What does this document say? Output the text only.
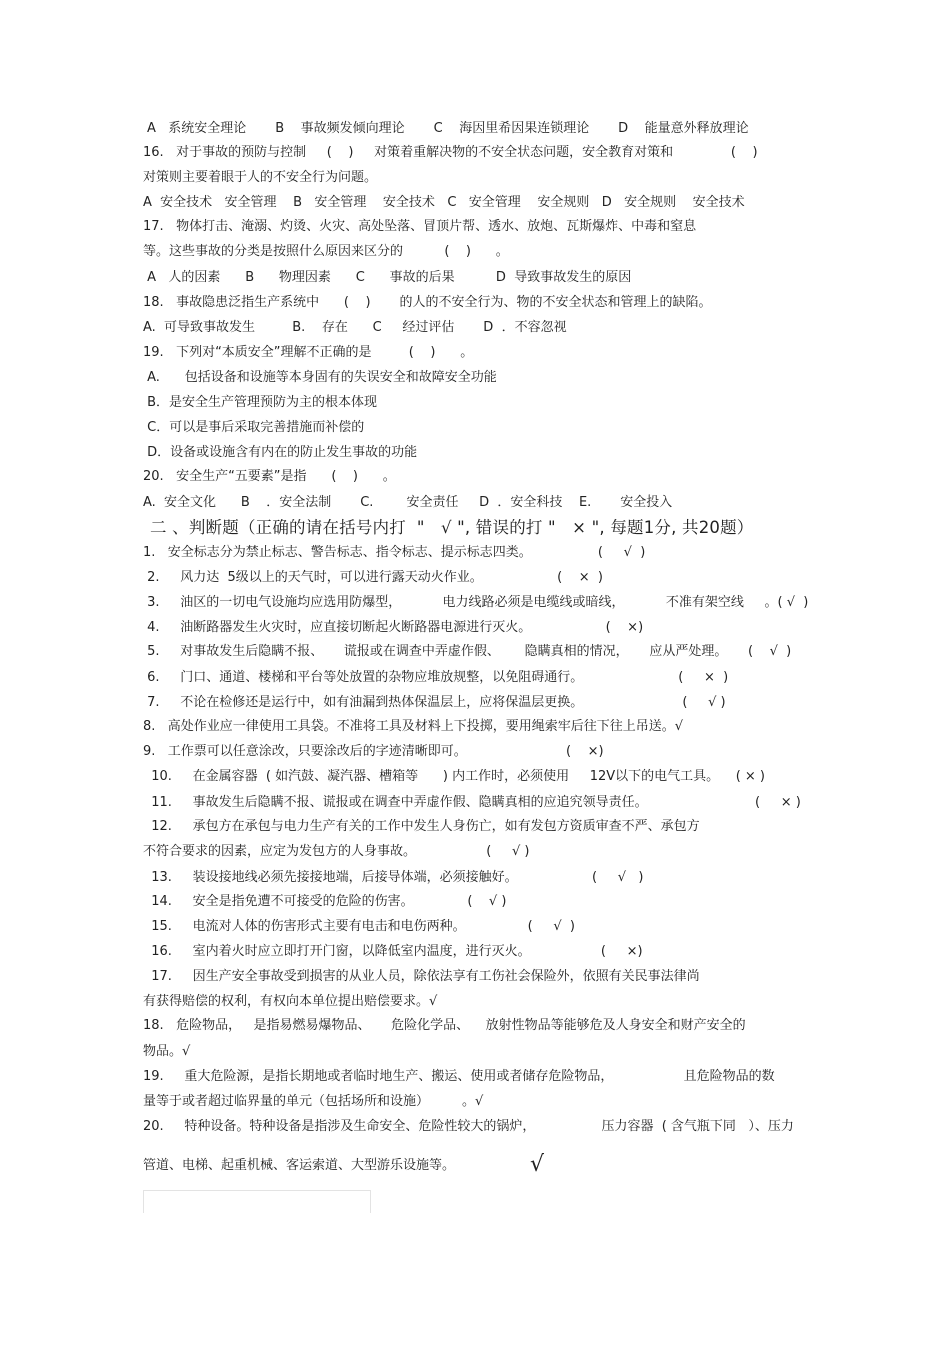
A   系统安全理论       B    事故频发倾向理论       C    海因里希因果连锁理论       D    能量意外释放理论
16.   对于事故的预防与控制     (    )     对策着重解决物的不安全状态问题，安全教育对策和              (    )
对策则主要着眼于人的不安全行为问题。
A  安全技术   安全管理    B   安全管理    安全技术   C   安全管理    安全规则   D   安全规则    安全技术
17.   物体打击、淹溺、灼烫、火灾、高处坠落、冒顶片帮、透水、放炮、瓦斯爆炸、中毒和窒息
等。这些事故的分类是按照什么原因来区分的          (    )      。
A   人的因素      B      物理因素      C      事故的后果          D  导致事故发生的原因
18.   事故隐患泛指生产系统中      (    )       的人的不安全行为、物的不安全状态和管理上的缺陷。
A.  可导致事故发生         B.    存在      C     经过评估       D  ．不容忽视
19.   下列对“本质安全”理解不正确的是         (    )      。
A.      包括设备和设施等本身固有的失误安全和故障安全功能
B．是安全生产管理预防为主的根本体现
C．可以是事后采取完善措施而补偿的
D．设备或设施含有内在的防止发生事故的功能
20.   安全生产“五要素”是指      (    )      。
A.  安全文化      B    ．安全法制       C.        安全责任     D  ．安全科技    E.       安全投入
二 、判断题（正确的请在括号内打  "   √ ", 错误的打 "   × ", 每题1分, 共20题）
1.   安全标志分为禁止标志、警告标志、指令标志、提示标志四类。                (     √  )
2.     风力达  5级以上的天气时，可以进行露天动火作业。                  (    ×  )
3.     油区的一切电气设施均应选用防爆型，          电力线路必须是电缆线或暗线，          不准有架空线     。( √  )
4.     油断路器发生火灾时，应直接切断起火断路器电源进行灭火。                  (    ×)
5.     对事故发生后隐瞒不报、     谎报或在调查中弄虚作假、      隐瞒真相的情况，     应从严处理。     (    √  )
6.     门口、通道、楼梯和平台等处放置的杂物应堆放规整，以免阻碍通行。                       (     ×  )
7.     不论在检修还是运行中，如有油漏到热体保温层上，应将保温层更换。                        (     √ )
8.   高处作业应一律使用工具袋。不准将工具及材料上下投掷，要用绳索牢后往下往上吊送。√
9.   工作票可以任意涂改，只要涂改后的字迹清晰即可。                        (    ×)
10.     在金属容器  ( 如汽鼓、凝汽器、槽箱等      ) 内工作时，必须使用     12V以下的电气工具。    ( × )
11.     事故发生后隐瞒不报、谎报或在调查中弄虚作假、隐瞒真相的应追究领导责任。                          (     × )
12.     承包方在承包与电力生产有关的工作中发生人身伤亡，如有发包方资质审查不严、承包方
不符合要求的因素，应定为发包方的人身事故。                 (     √ )
13.     装设接地线必须先接接地端，后接导体端，必须接触好。                  (     √   )
14.     安全是指免遭不可接受的危险的伤害。             (    √ )
15.     电流对人体的伤害形式主要有电击和电伤两种。               (     √  )
16.     室内着火时应立即打开门窗，以降低室内温度，进行灭火。                 (     ×)
17.     因生产安全事故受到损害的从业人员，除依法享有工伤社会保险外，依照有关民事法律尚
有获得赔偿的权利，有权向本单位提出赔偿要求。√
18.   危险物品，   是指易燃易爆物品、     危险化学品、    放射性物品等能够危及人身安全和财产安全的
物品。√
19.     重大危险源，是指长期地或者临时地生产、搬运、使用或者储存危险物品，                 且危险物品的数
量等于或者超过临界量的单元（包括场所和设施）        。√
20.     特种设备。特种设备是指涉及生命安全、危险性较大的锅炉，                压力容器  ( 含气瓶下同   ）、压力
管道、电梯、起重机械、客运索道、大型游乐设施等。	√
